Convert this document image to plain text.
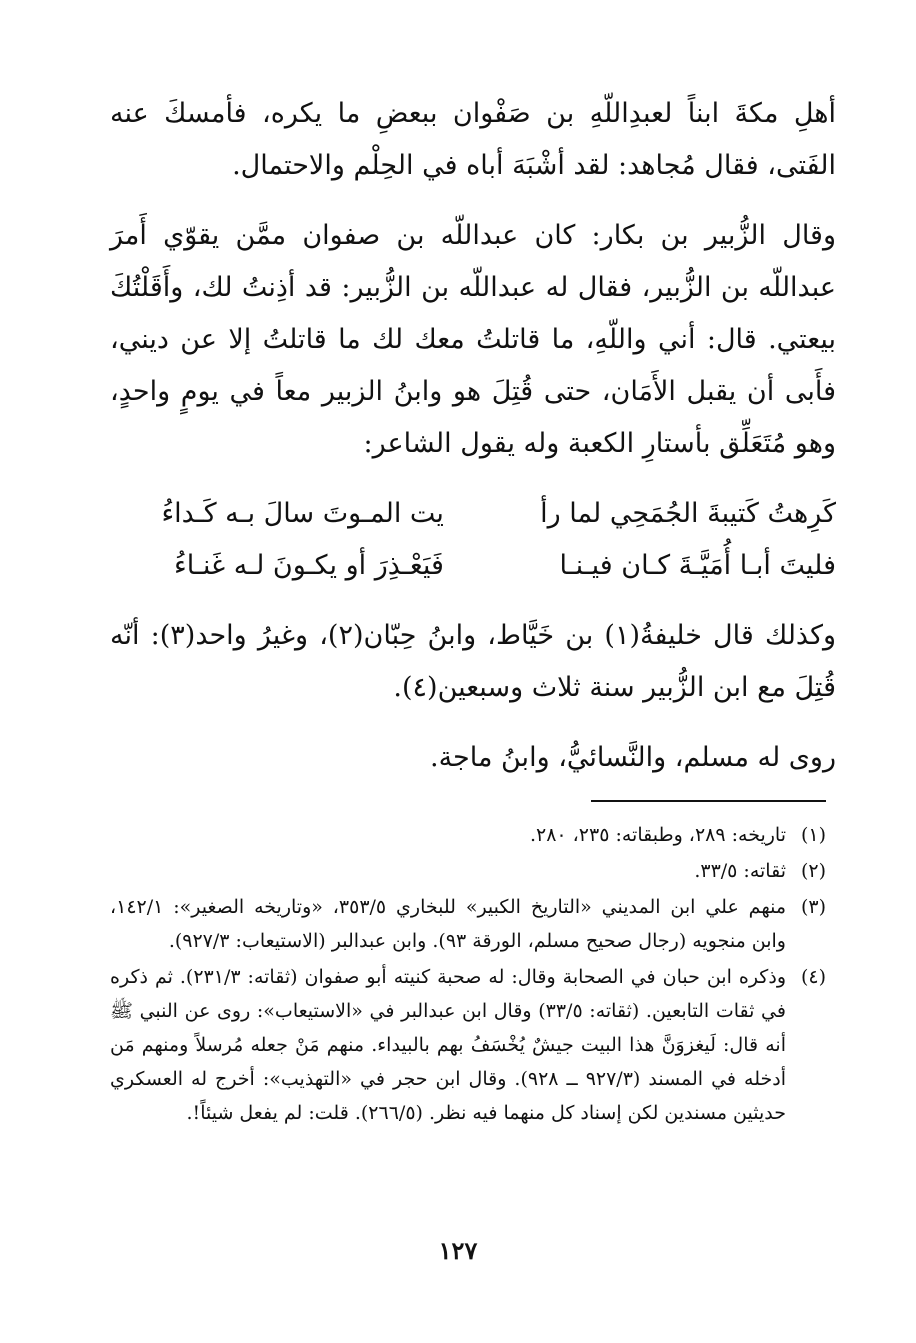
أهلِ مكةَ ابناً لعبدِاللّهِ بن صَفْوان ببعضِ ما يكره، فأمسكَ عنه الفَتى، فقال مُجاهد: لقد أشْبَهَ أباه في الحِلْم والاحتمال.

وقال الزُّبير بن بكار: كان عبداللّه بن صفوان ممَّن يقوّي أَمرَ عبداللّه بن الزُّبير، فقال له عبداللّه بن الزُّبير: قد أذِنتُ لك، وأَقَلْتُكَ بيعتي. قال: أني واللّهِ، ما قاتلتُ معك لك ما قاتلتُ إلا عن ديني، فأَبى أن يقبل الأَمَان، حتى قُتِلَ هو وابنُ الزبير معاً في يومٍ واحدٍ، وهو مُتَعَلِّق بأستارِ الكعبة وله يقول الشاعر:

كَرِهتُ كَتيبةَ الجُمَحِي لما رأ
يت المـوتَ سالَ بـه كَـداءُ
فليتَ أبـا أُمَيَّـةَ كـان فيـنـا
فَيَعْـذِرَ أو يكـونَ لـه غَنـاءُ

وكذلك قال خليفةُ(١) بن خَيَّاط، وابنُ حِبّان(٢)، وغيرُ واحد(٣): أنّه قُتِلَ مع ابن الزُّبير سنة ثلاث وسبعين(٤).

روى له مسلم، والنَّسائيُّ، وابنُ ماجة.

(١)
تاريخه: ٢٨٩، وطبقاته: ٢٣٥، ٢٨٠.
(٢)
ثقاته: ٣٣/٥.
(٣)
منهم علي ابن المديني «التاريخ الكبير» للبخاري ٣٥٣/٥، «وتاريخه الصغير»: ١٤٢/١، وابن منجويه (رجال صحيح مسلم، الورقة ٩٣). وابن عبدالبر (الاستيعاب: ٩٢٧/٣).
(٤)
وذكره ابن حبان في الصحابة وقال: له صحبة كنيته أبو صفوان (ثقاته: ٢٣١/٣). ثم ذكره في ثقات التابعين. (ثقاته: ٣٣/٥) وقال ابن عبدالبر في «الاستيعاب»: روى عن النبي ﷺ أنه قال: لَيغزوَنَّ هذا البيت جيشٌ يُخْسَفُ بهم بالبيداء. منهم مَنْ جعله مُرسلاً ومنهم مَن أدخله في المسند (٩٢٧/٣ ــ ٩٢٨). وقال ابن حجر في «التهذيب»: أخرج له العسكري حديثين مسندين لكن إسناد كل منهما فيه نظر. (٢٦٦/٥). قلت: لم يفعل شيئاً!.
١٢٧
